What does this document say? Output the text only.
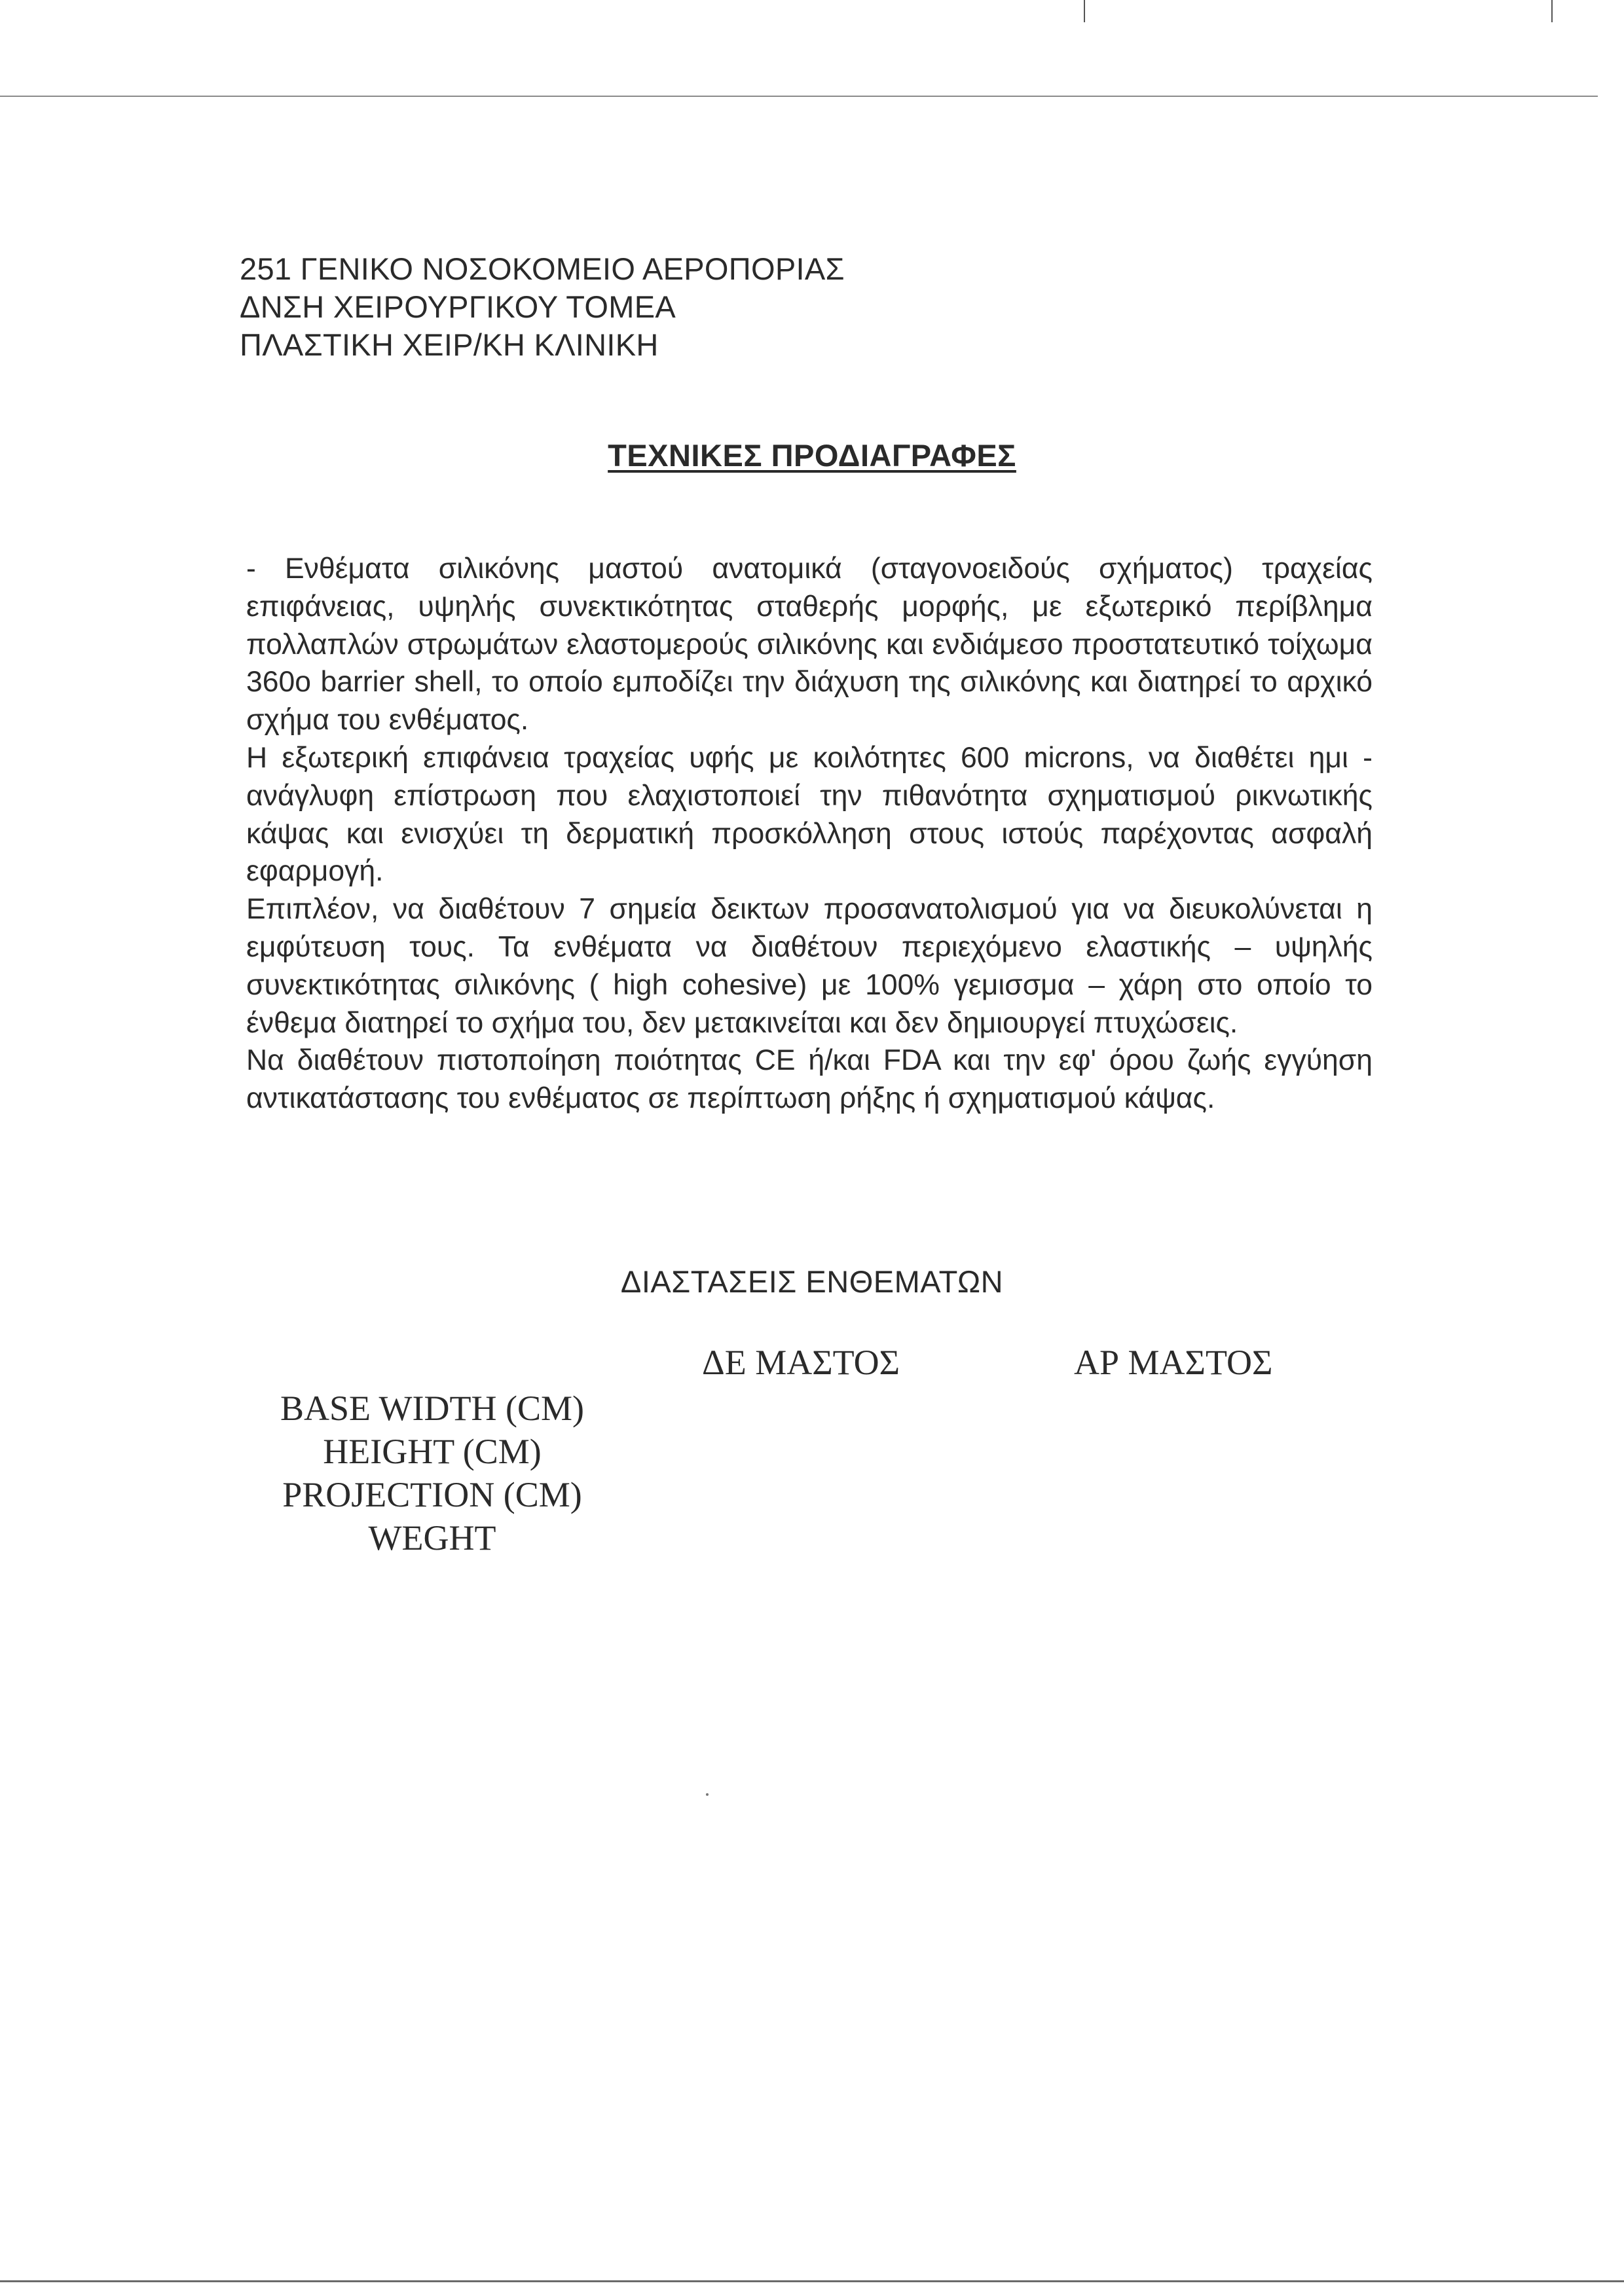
251 ΓΕΝΙΚΟ ΝΟΣΟΚΟΜΕΙΟ ΑΕΡΟΠΟΡΙΑΣ
ΔΝΣΗ ΧΕΙΡΟΥΡΓΙΚΟΥ ΤΟΜΕΑ
ΠΛΑΣΤΙΚΗ ΧΕΙΡ/ΚΗ ΚΛΙΝΙΚΗ
ΤΕΧΝΙΚΕΣ ΠΡΟΔΙΑΓΡΑΦΕΣ

- Ενθέματα σιλικόνης μαστού ανατομικά (σταγονοειδούς σχήματος) τραχείας επιφάνειας, υψηλής συνεκτικότητας σταθερής μορφής, με εξωτερικό περίβλημα πολλαπλών στρωμάτων ελαστομερούς σιλικόνης και ενδιάμεσο προστατευτικό τοίχωμα 360o barrier shell, το οποίο εμποδίζει την διάχυση της σιλικόνης και διατηρεί το αρχικό σχήμα του ενθέματος.

Η εξωτερική επιφάνεια τραχείας υφής με κοιλότητες 600 microns, να διαθέτει ημι - ανάγλυφη επίστρωση που ελαχιστοποιεί την πιθανότητα σχηματισμού ρικνωτικής κάψας και ενισχύει τη δερματική προσκόλληση στους ιστούς παρέχοντας ασφαλή εφαρμογή.

Επιπλέον, να διαθέτουν 7 σημεία δεικτων προσανατολισμού για να διευκολύνεται η εμφύτευση τους. Τα ενθέματα να διαθέτουν περιεχόμενο ελαστικής – υψηλής συνεκτικότητας σιλικόνης ( high cohesive) με 100% γεμισσμα – χάρη στο οποίο το ένθεμα διατηρεί το σχήμα του, δεν μετακινείται και δεν δημιουργεί πτυχώσεις.

Να διαθέτουν πιστοποίηση ποιότητας CE ή/και FDA και την εφ' όρου ζωής εγγύηση αντικατάστασης του ενθέματος σε περίπτωση ρήξης ή σχηματισμού κάψας.

ΔΙΑΣΤΑΣΕΙΣ ΕΝΘΕΜΑΤΩΝ
ΔΕ ΜΑΣΤΟΣ	ΑΡ ΜΑΣΤΟΣ
BASE WIDTH (CM)
HEIGHT (CM)
PROJECTION (CM)
WEGHT
